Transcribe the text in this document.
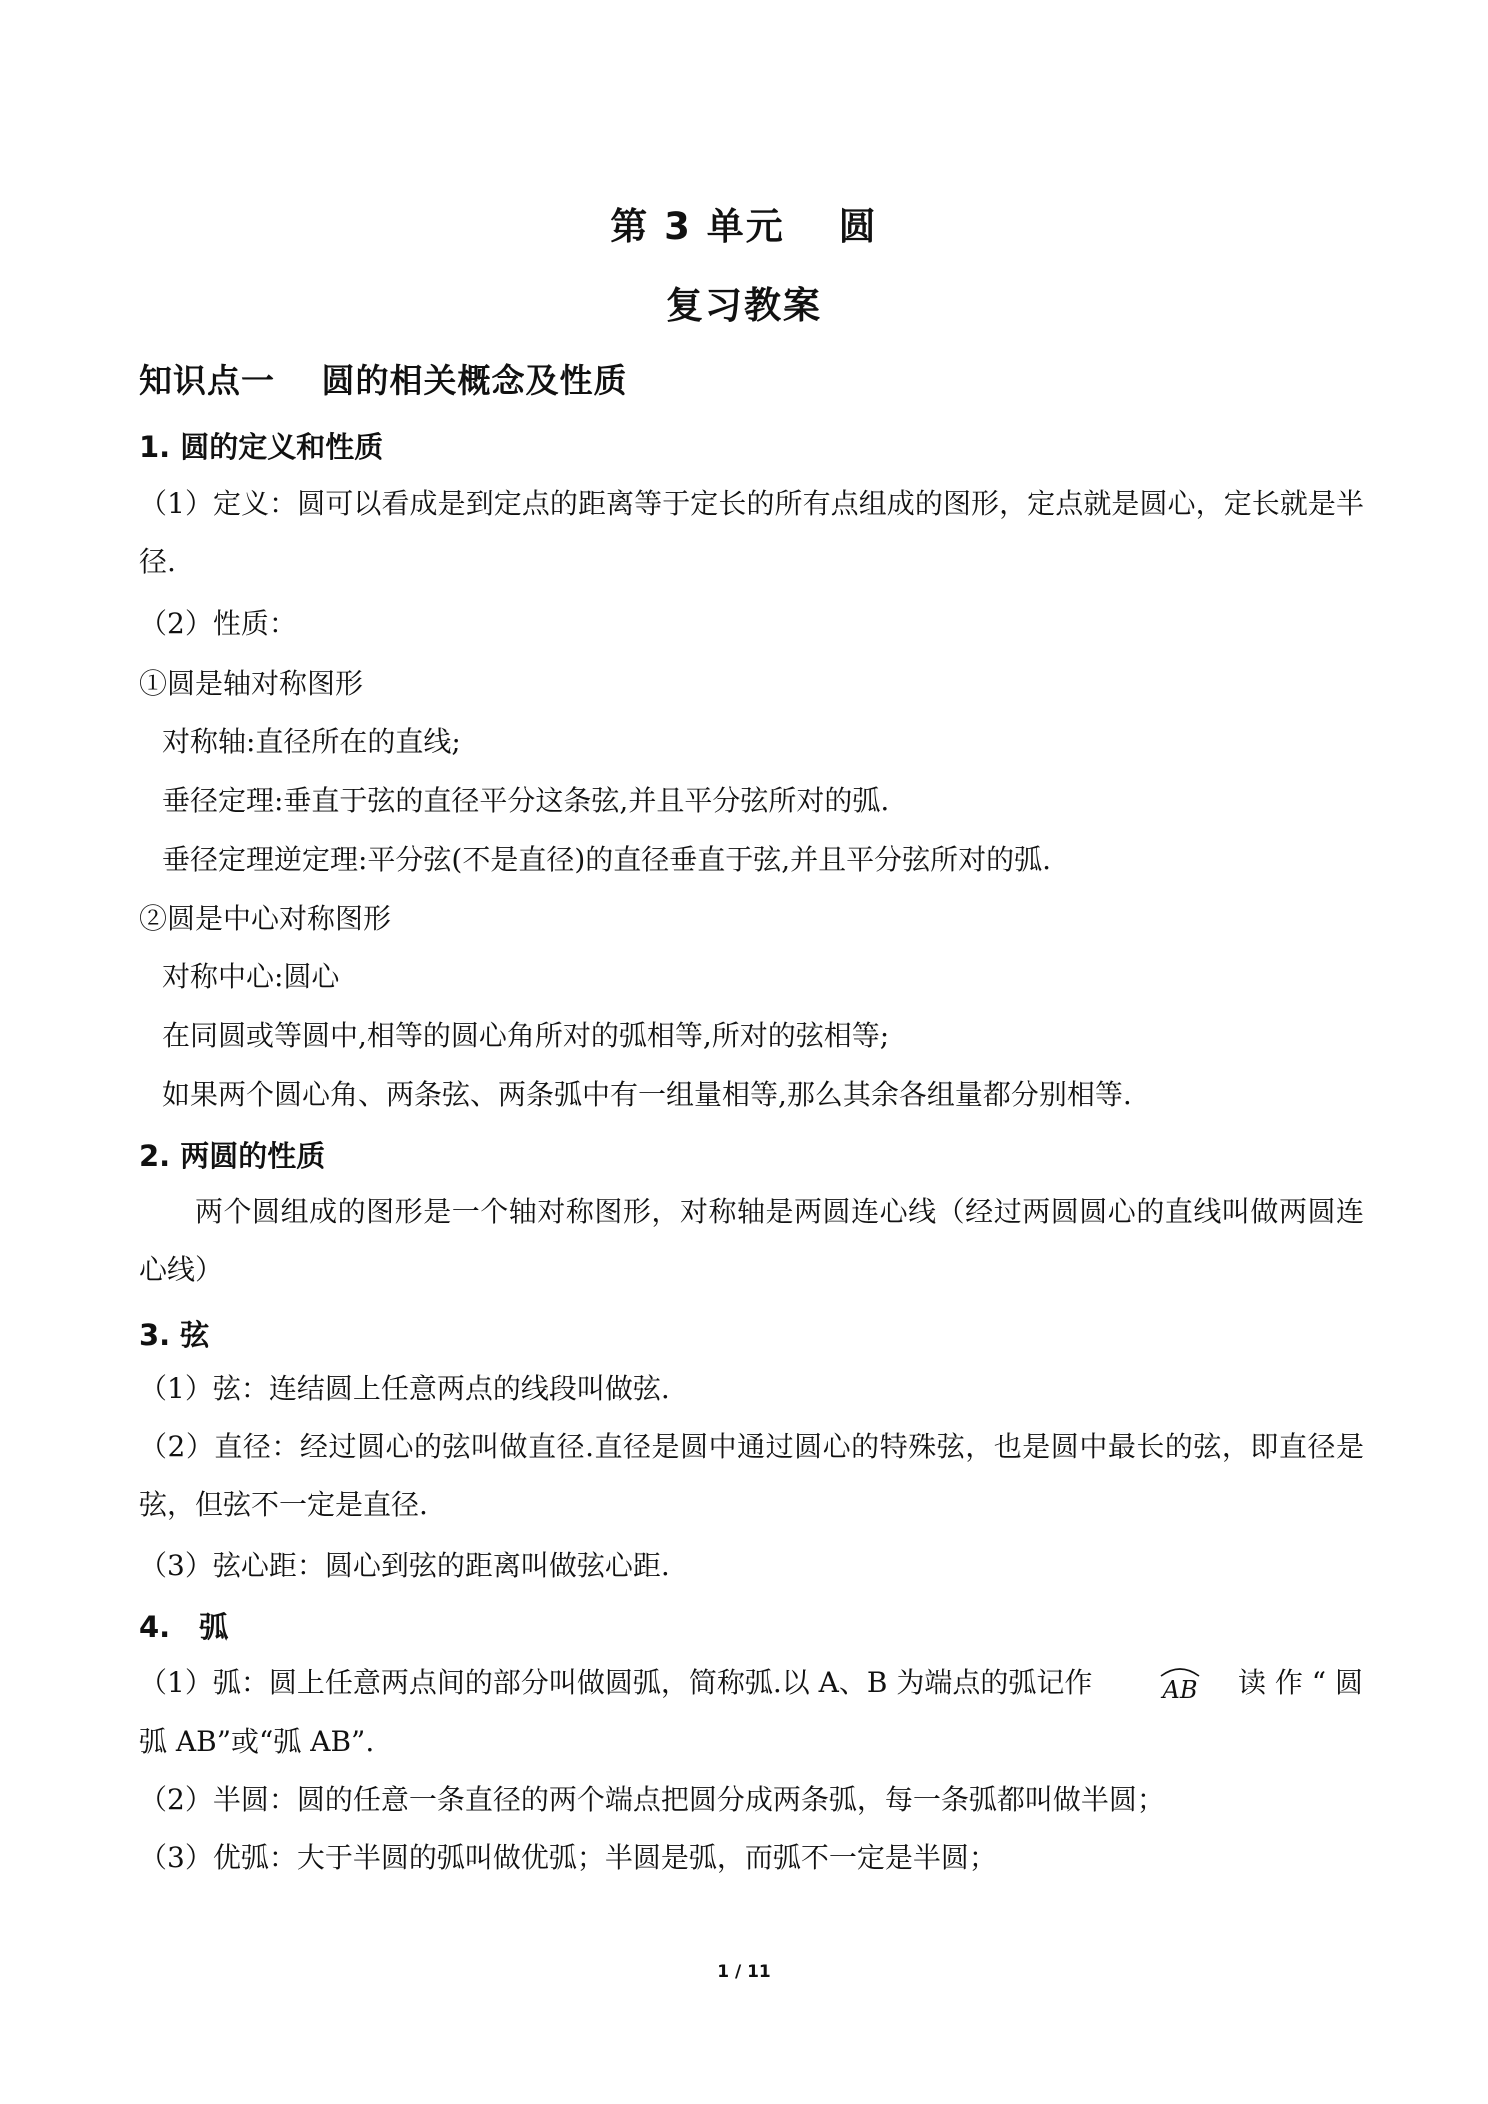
第 3 单元　 圆
复习教案
知识点一　 圆的相关概念及性质
1. 圆的定义和性质
（1）定义：圆可以看成是到定点的距离等于定长的所有点组成的图形，定点就是圆心，定长就是半径.
（2）性质：
①圆是轴对称图形
对称轴:直径所在的直线;
垂径定理:垂直于弦的直径平分这条弦,并且平分弦所对的弧.
垂径定理逆定理:平分弦(不是直径)的直径垂直于弦,并且平分弦所对的弧.
②圆是中心对称图形
对称中心:圆心
在同圆或等圆中,相等的圆心角所对的弧相等,所对的弦相等;
如果两个圆心角、两条弦、两条弧中有一组量相等,那么其余各组量都分别相等.
2. 两圆的性质
两个圆组成的图形是一个轴对称图形，对称轴是两圆连心线（经过两圆圆心的直线叫做两圆连心线）
3. 弦
（1）弦：连结圆上任意两点的线段叫做弦.
（2）直径：经过圆心的弦叫做直径.直径是圆中通过圆心的特殊弦，也是圆中最长的弦，即直径是弦，但弦不一定是直径.
（3）弦心距：圆心到弦的距离叫做弦心距.
4.　弧
（1）弧：圆上任意两点间的部分叫做圆弧，简称弧.以 A、B 为端点的弧记作	AB 读 作 “ 圆
弧 AB”或“弧 AB”.
（2）半圆：圆的任意一条直径的两个端点把圆分成两条弧，每一条弧都叫做半圆；
（3）优弧：大于半圆的弧叫做优弧；半圆是弧，而弧不一定是半圆；
1 / 11
